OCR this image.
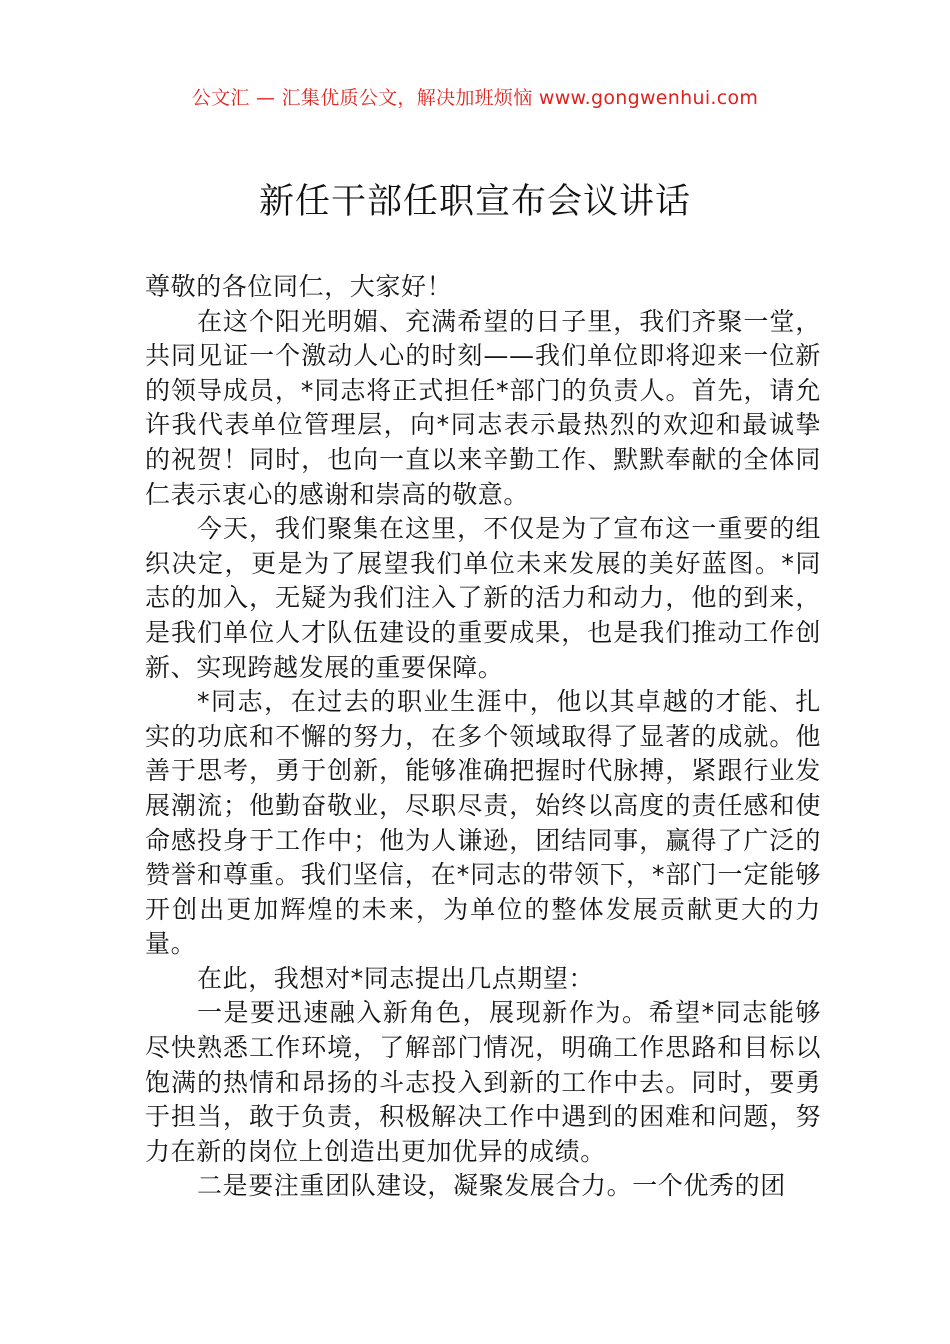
公文汇 — 汇集优质公文，解决加班烦恼 www.gongwenhui.com
新任干部任职宣布会议讲话

尊敬的各位同仁，大家好！

在这个阳光明媚、充满希望的日子里，我们齐聚一堂，共同见证一个激动人心的时刻——我们单位即将迎来一位新的领导成员，*同志将正式担任*部门的负责人。首先，请允许我代表单位管理层，向*同志表示最热烈的欢迎和最诚挚的祝贺！同时，也向一直以来辛勤工作、默默奉献的全体同仁表示衷心的感谢和崇高的敬意。

今天，我们聚集在这里，不仅是为了宣布这一重要的组织决定，更是为了展望我们单位未来发展的美好蓝图。*同志的加入，无疑为我们注入了新的活力和动力，他的到来，是我们单位人才队伍建设的重要成果，也是我们推动工作创新、实现跨越发展的重要保障。

*同志，在过去的职业生涯中，他以其卓越的才能、扎实的功底和不懈的努力，在多个领域取得了显著的成就。他善于思考，勇于创新，能够准确把握时代脉搏，紧跟行业发展潮流；他勤奋敬业，尽职尽责，始终以高度的责任感和使命感投身于工作中；他为人谦逊，团结同事，赢得了广泛的赞誉和尊重。我们坚信，在*同志的带领下，*部门一定能够开创出更加辉煌的未来，为单位的整体发展贡献更大的力量。

在此，我想对*同志提出几点期望：

一是要迅速融入新角色，展现新作为。希望*同志能够尽快熟悉工作环境，了解部门情况，明确工作思路和目标以饱满的热情和昂扬的斗志投入到新的工作中去。同时，要勇于担当，敢于负责，积极解决工作中遇到的困难和问题，努力在新的岗位上创造出更加优异的成绩。

二是要注重团队建设，凝聚发展合力。一个优秀的团
